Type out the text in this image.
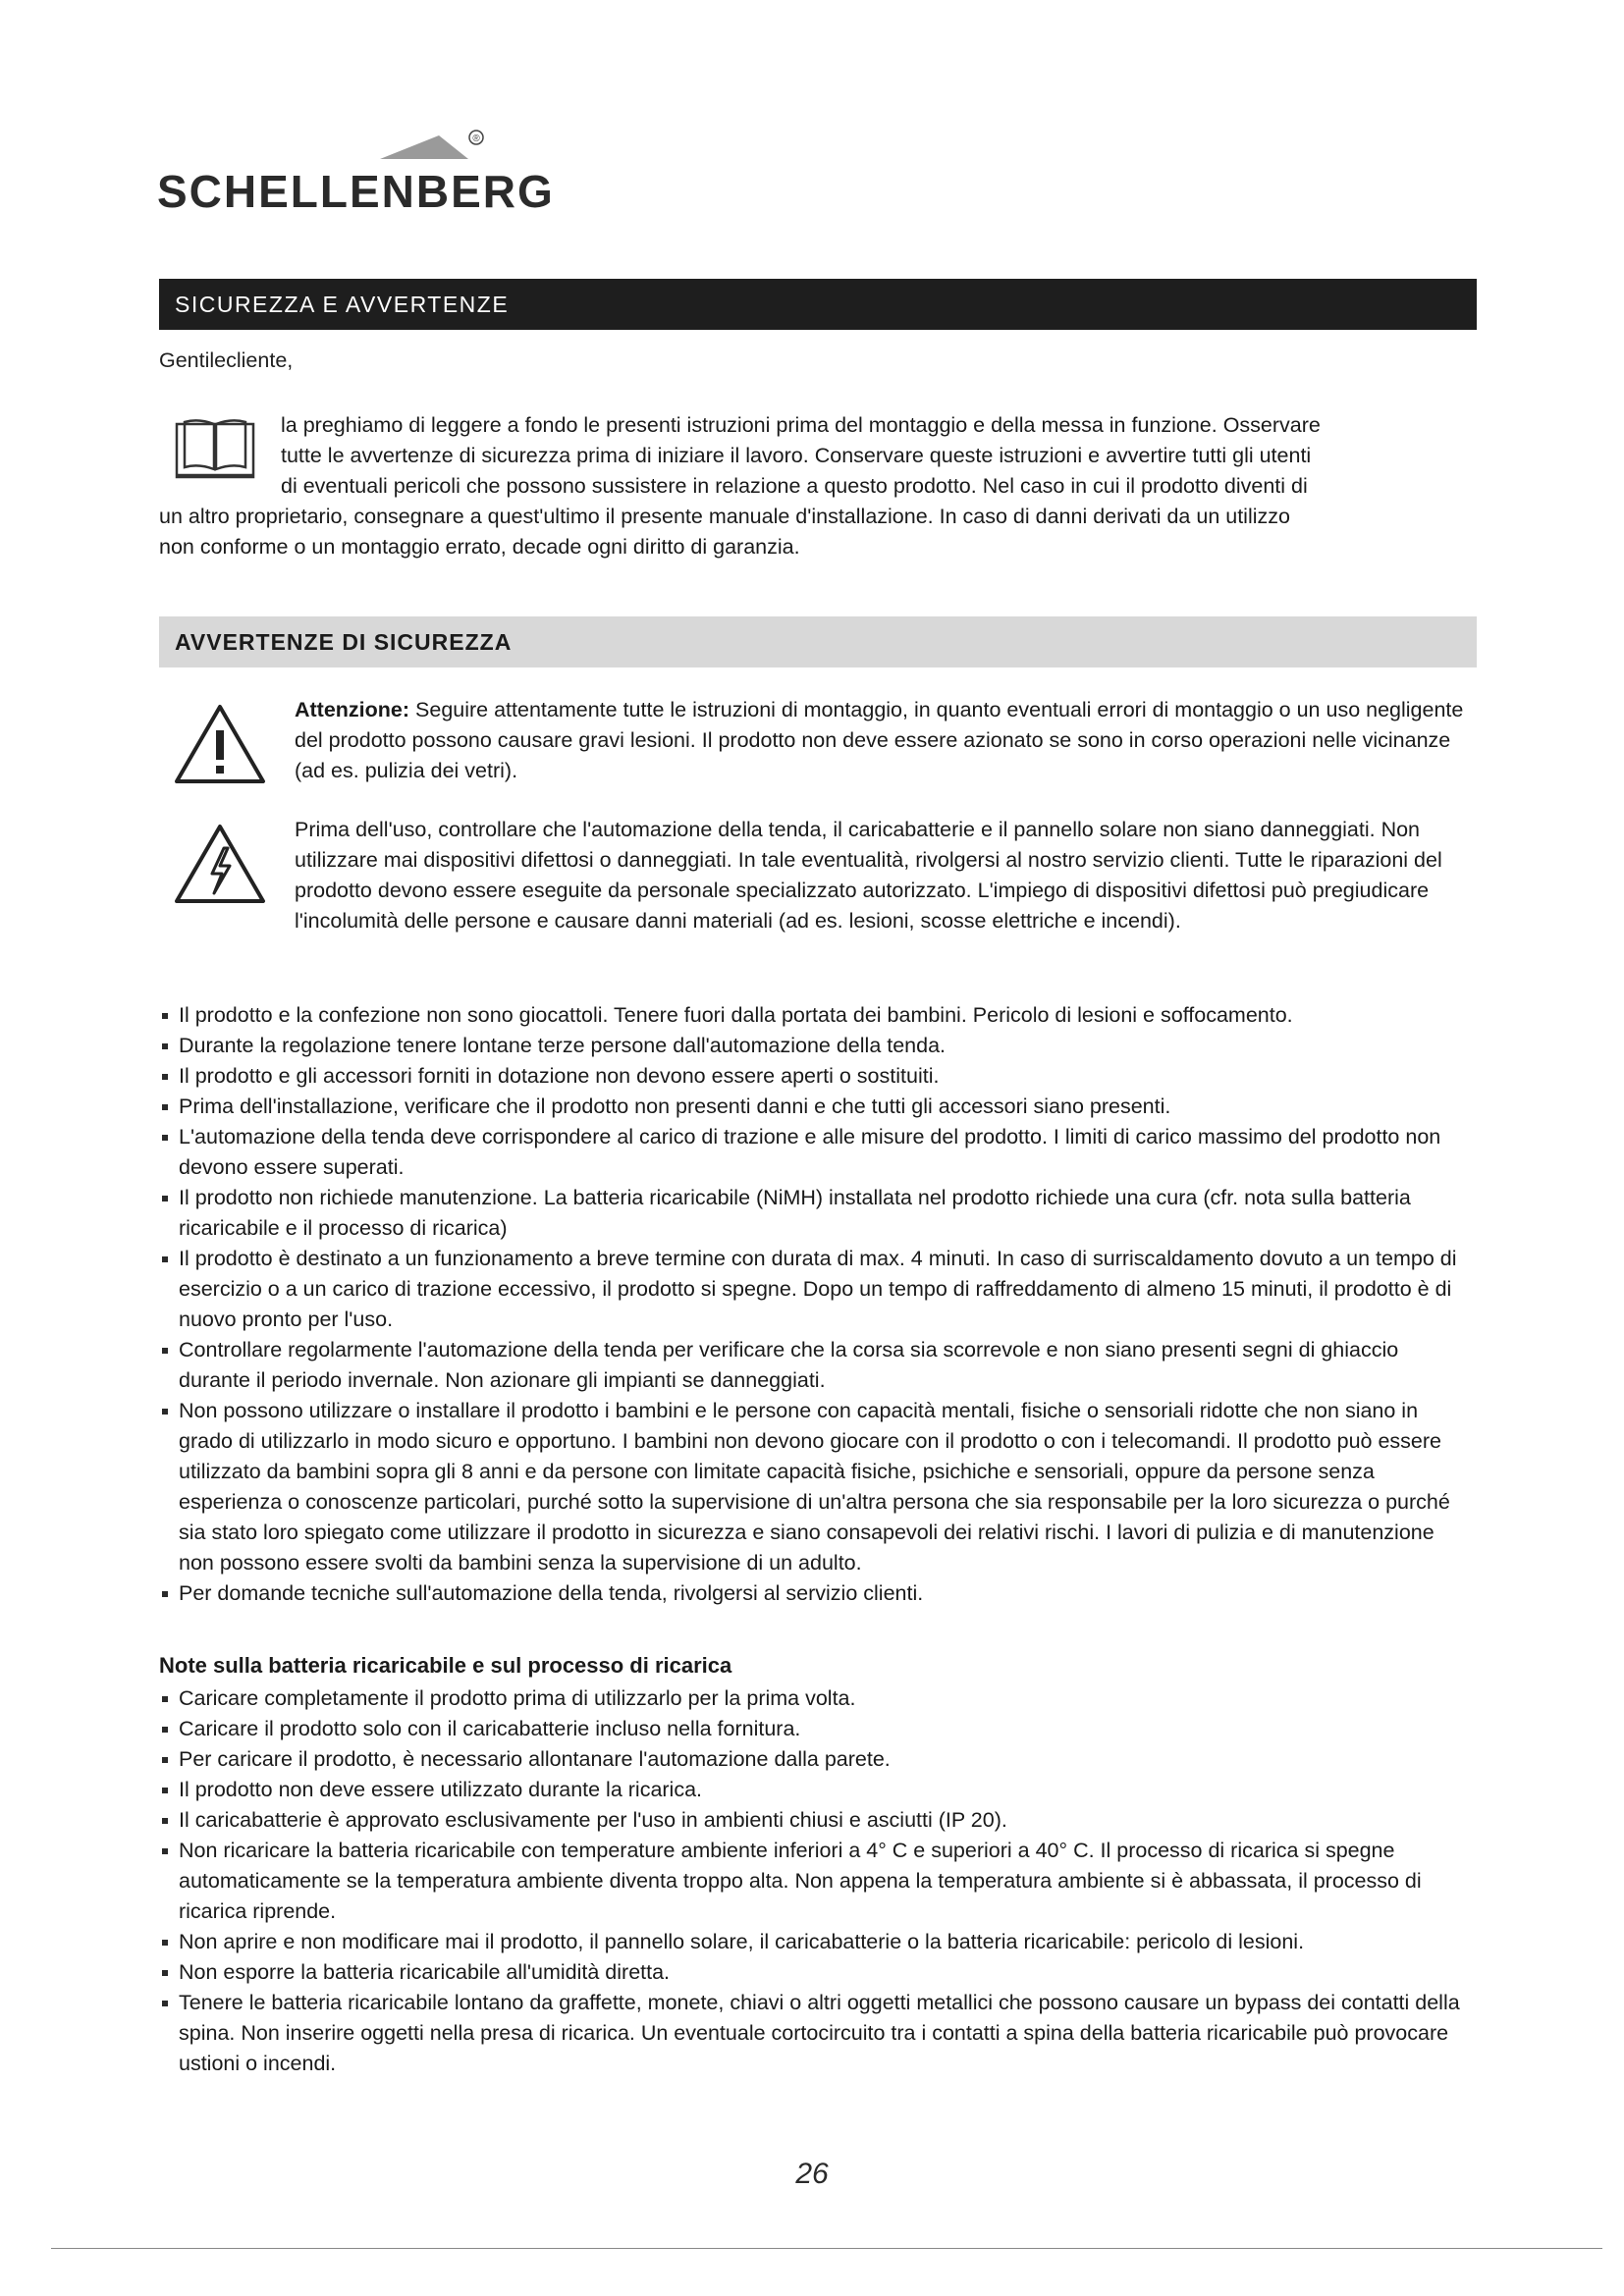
®
SCHELLENBERG
SICUREZZA E AVVERTENZE
Gentilecliente,
la preghiamo di leggere a fondo le presenti istruzioni prima del montaggio e della messa in funzione. Osservare
tutte le avvertenze di sicurezza prima di iniziare il lavoro. Conservare queste istruzioni e avvertire tutti gli utenti
di eventuali pericoli che possono sussistere in relazione a questo prodotto. Nel caso in cui il prodotto diventi di
un altro proprietario, consegnare a quest'ultimo il presente manuale d'installazione. In caso di danni derivati da un utilizzo
non conforme o un montaggio errato, decade ogni diritto di garanzia.
AVVERTENZE DI SICUREZZA
Attenzione: Seguire attentamente tutte le istruzioni di montaggio, in quanto eventuali errori di montaggio o un uso negligente del prodotto possono causare gravi lesioni. Il prodotto non deve essere azionato se sono in corso operazioni nelle vicinanze (ad es. pulizia dei vetri).
Prima dell'uso, controllare che l'automazione della tenda, il caricabatterie e il pannello solare non siano danneggiati. Non utilizzare mai dispositivi difettosi o danneggiati. In tale eventualità, rivolgersi al nostro servizio clienti. Tutte le riparazioni del prodotto devono essere eseguite da personale specializzato autorizzato. L'impiego di dispositivi difettosi può pregiudicare l'incolumità delle persone e causare danni materiali (ad es. lesioni, scosse elettriche e incendi).
Il prodotto e la confezione non sono giocattoli. Tenere fuori dalla portata dei bambini. Pericolo di lesioni e soffocamento.
Durante la regolazione tenere lontane terze persone dall'automazione della tenda.
Il prodotto e gli accessori forniti in dotazione non devono essere aperti o sostituiti.
Prima dell'installazione, verificare che il prodotto non presenti danni e che tutti gli accessori siano presenti.
L'automazione della tenda deve corrispondere al carico di trazione e alle misure del prodotto. I limiti di carico massimo del prodotto non devono essere superati.
Il prodotto non richiede manutenzione. La batteria ricaricabile (NiMH) installata nel prodotto richiede una cura (cfr. nota sulla batteria ricaricabile e il processo di ricarica)
Il prodotto è destinato a un funzionamento a breve termine con durata di max. 4 minuti. In caso di surriscaldamento dovuto a un tempo di esercizio o a un carico di trazione eccessivo, il prodotto si spegne. Dopo un tempo di raffreddamento di almeno 15 minuti, il prodotto è di nuovo pronto per l'uso.
Controllare regolarmente l'automazione della tenda per verificare che la corsa sia scorrevole e non siano presenti segni di ghiaccio durante il periodo invernale. Non azionare gli impianti se danneggiati.
Non possono utilizzare o installare il prodotto i bambini e le persone con capacità mentali, fisiche o sensoriali ridotte che non siano in grado di utilizzarlo in modo sicuro e opportuno. I bambini non devono giocare con il prodotto o con i telecomandi. Il prodotto può essere utilizzato da bambini sopra gli 8 anni e da persone con limitate capacità fisiche, psichiche e sensoriali, oppure da persone senza esperienza o conoscenze particolari, purché sotto la supervisione di un'altra persona che sia responsabile per la loro sicurezza o purché sia stato loro spiegato come utilizzare il prodotto in sicurezza e siano consapevoli dei relativi rischi. I lavori di pulizia e di manutenzione non possono essere svolti da bambini senza la supervisione di un adulto.
Per domande tecniche sull'automazione della tenda, rivolgersi al servizio clienti.
Note sulla batteria ricaricabile e sul processo di ricarica
Caricare completamente il prodotto prima di utilizzarlo per la prima volta.
Caricare il prodotto solo con il caricabatterie incluso nella fornitura.
Per caricare il prodotto, è necessario allontanare l'automazione dalla parete.
Il prodotto non deve essere utilizzato durante la ricarica.
Il caricabatterie è approvato esclusivamente per l'uso in ambienti chiusi e asciutti (IP 20).
Non ricaricare la batteria ricaricabile con temperature ambiente inferiori a 4° C e superiori a 40° C. Il processo di ricarica si spegne automaticamente se la temperatura ambiente diventa troppo alta. Non appena la temperatura ambiente si è abbassata, il processo di ricarica riprende.
Non aprire e non modificare mai il prodotto, il pannello solare, il caricabatterie o la batteria ricaricabile: pericolo di lesioni.
Non esporre la batteria ricaricabile all'umidità diretta.
Tenere le batteria ricaricabile lontano da graffette, monete, chiavi o altri oggetti metallici che possono causare un bypass dei contatti della spina. Non inserire oggetti nella presa di ricarica. Un eventuale cortocircuito tra i contatti a spina della batteria ricaricabile può provocare ustioni o incendi.
26
